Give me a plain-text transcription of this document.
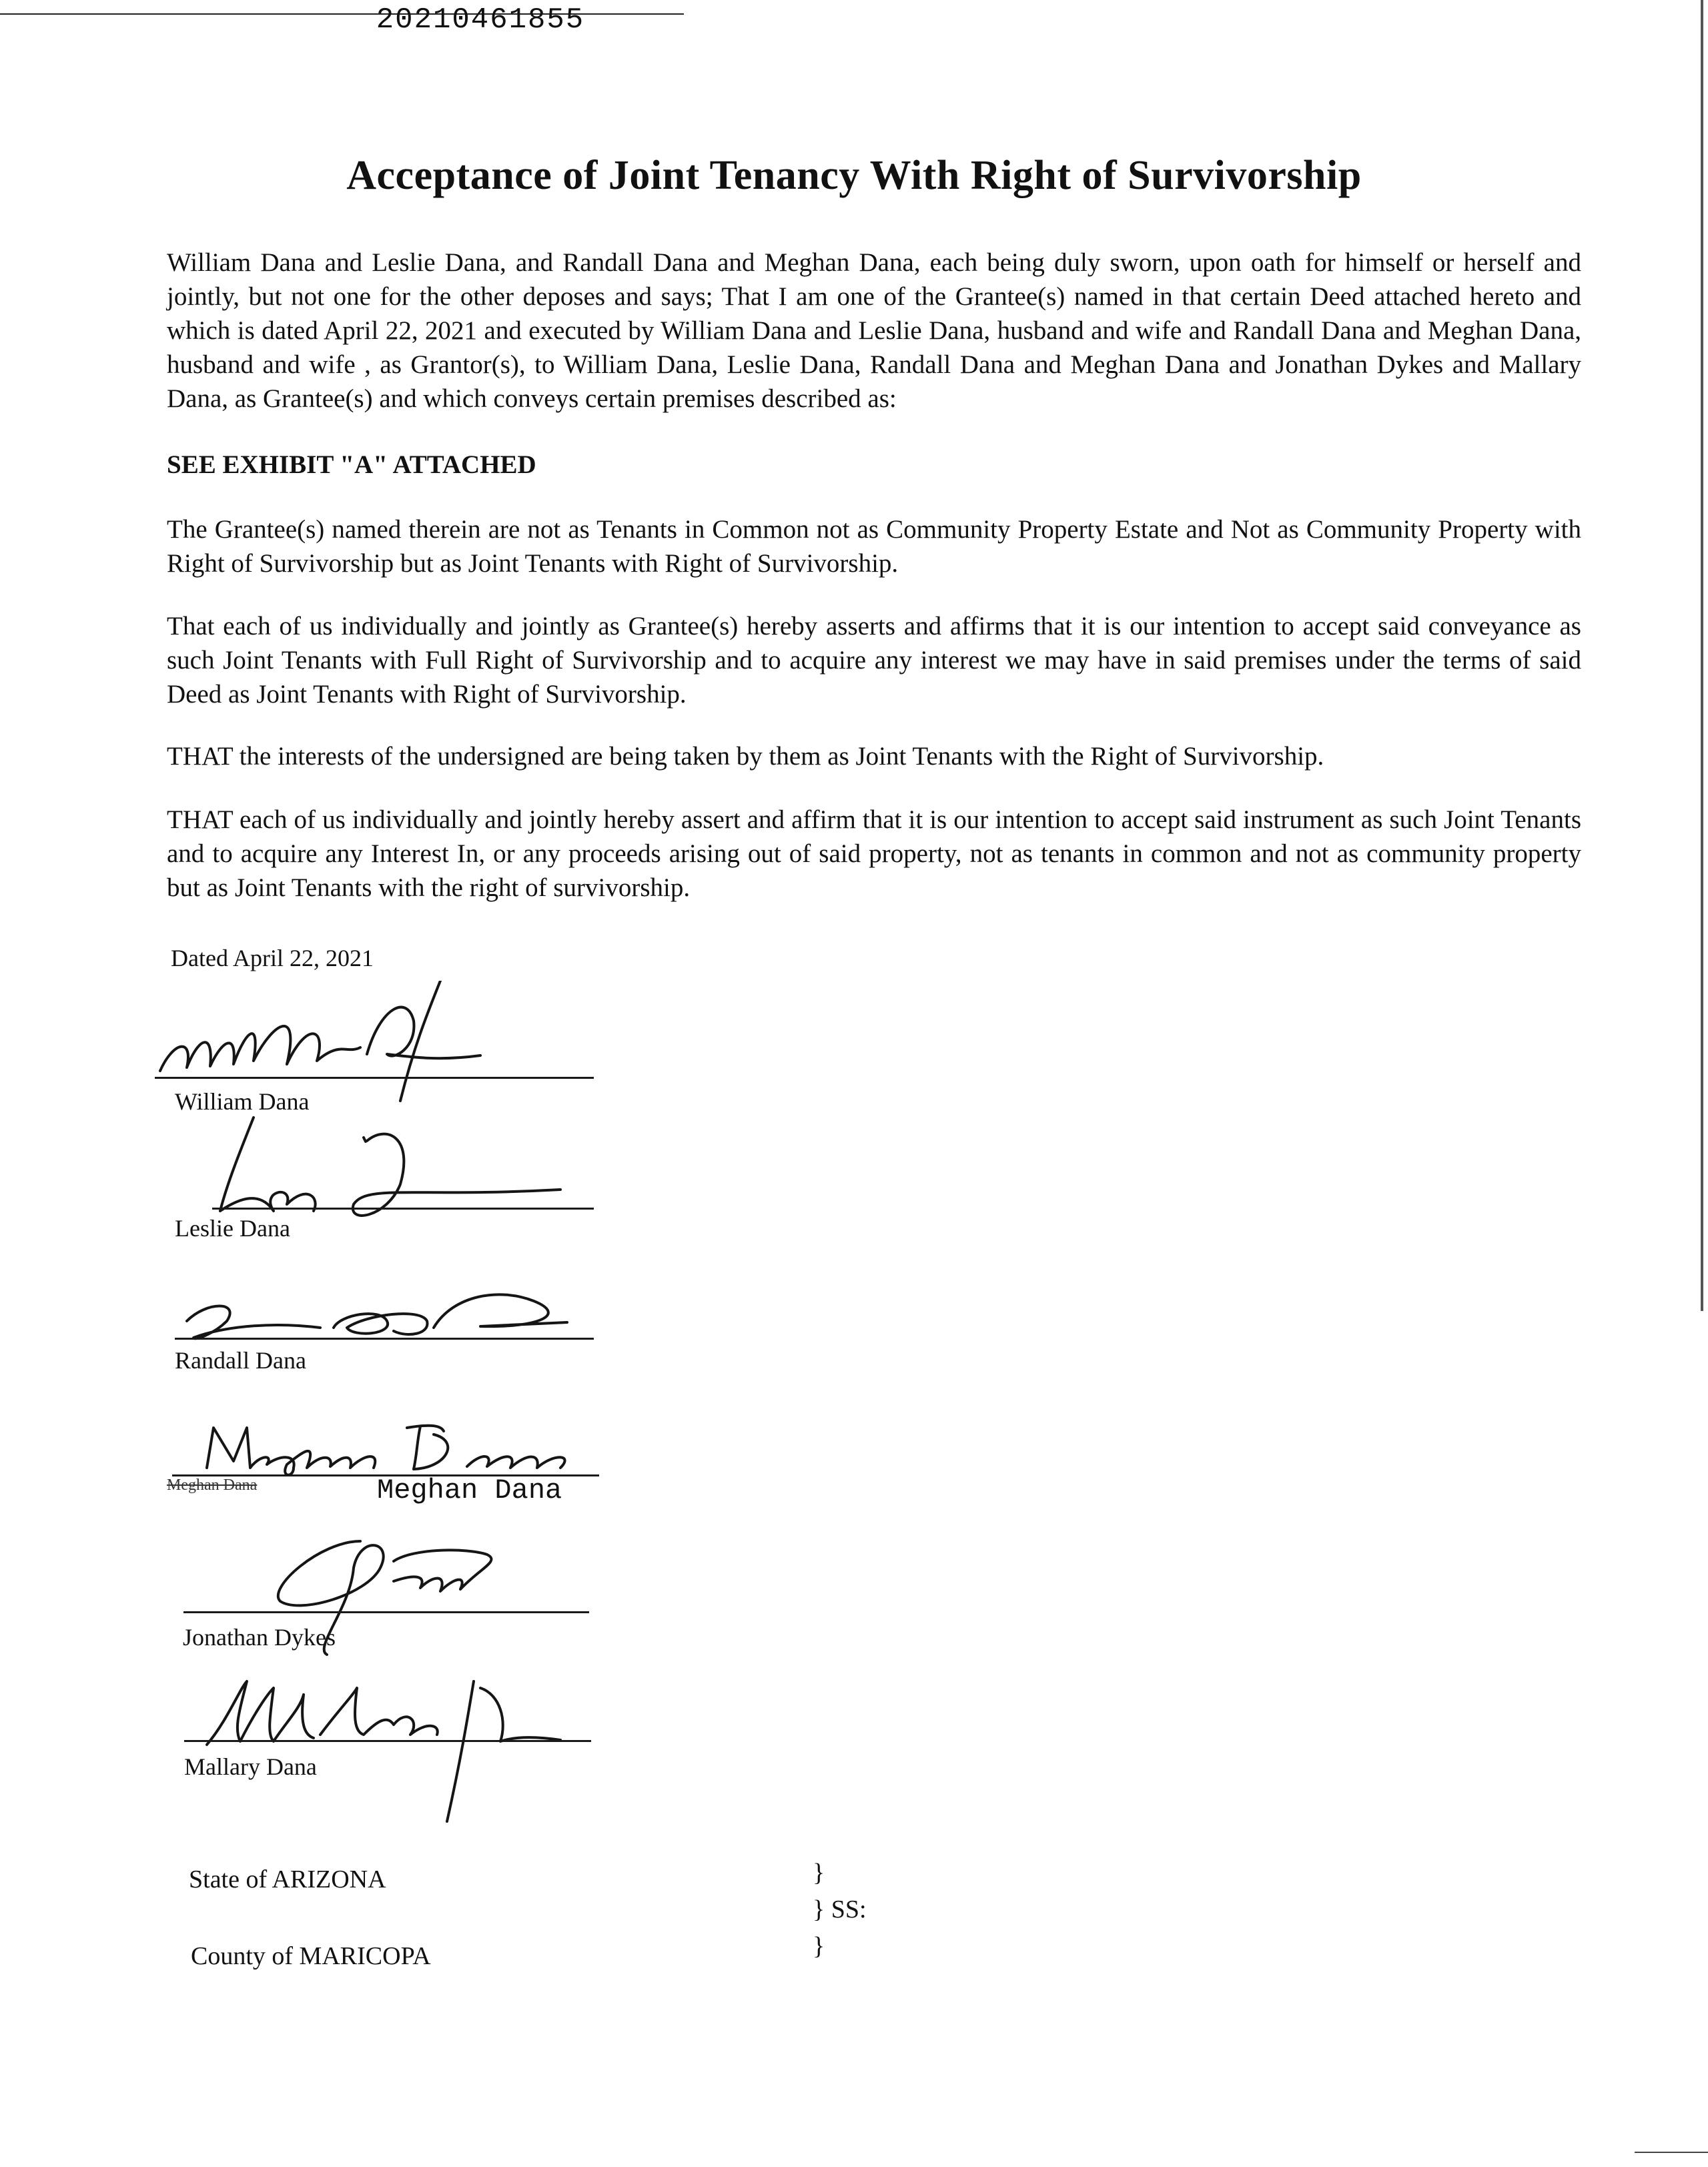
20210461855
Acceptance of Joint Tenancy With Right of Survivorship

William Dana and Leslie Dana, and Randall Dana and Meghan Dana, each being duly sworn, upon oath for himself or herself and jointly, but not one for the other deposes and says; That I am one of the Grantee(s) named in that certain Deed attached hereto and which is dated April 22, 2021 and executed by William Dana and Leslie Dana, husband and wife and Randall Dana and Meghan Dana, husband and wife , as Grantor(s), to William Dana, Leslie Dana, Randall Dana and Meghan Dana and Jonathan Dykes and Mallary Dana, as Grantee(s) and which conveys certain premises described as:

SEE EXHIBIT "A" ATTACHED

The Grantee(s) named therein are not as Tenants in Common not as Community Property Estate and Not as Community Property with Right of Survivorship but as Joint Tenants with Right of Survivorship.

That each of us individually and jointly as Grantee(s) hereby asserts and affirms that it is our intention to accept said conveyance as such Joint Tenants with Full Right of Survivorship and to acquire any interest we may have in said premises under the terms of said Deed as Joint Tenants with Right of Survivorship.

THAT the interests of the undersigned are being taken by them as Joint Tenants with the Right of Survivorship.

THAT each of us individually and jointly hereby assert and affirm that it is our intention to accept said instrument as such Joint Tenants and to acquire any Interest In, or any proceeds arising out of said property, not as tenants in common and not as community property but as Joint Tenants with the right of survivorship.

Dated April 22, 2021
William Dana
Leslie Dana
Randall Dana
Meghan Dana	Meghan Dana
Jonathan Dykes
Mallary Dana
State of ARIZONA
County of MARICOPA
}
} SS:
}
